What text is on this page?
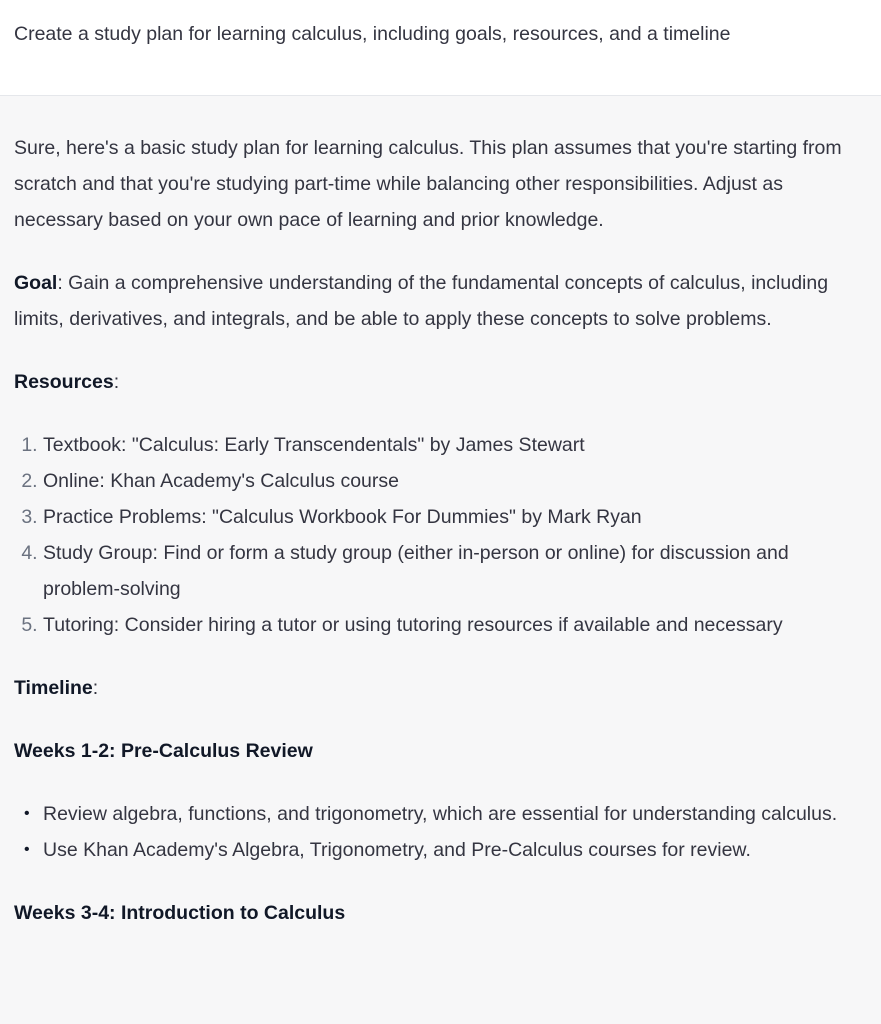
Create a study plan for learning calculus, including goals, resources, and a timeline

Sure, here's a basic study plan for learning calculus. This plan assumes that you're starting from scratch and that you're studying part-time while balancing other responsibilities. Adjust as necessary based on your own pace of learning and prior knowledge.

Goal: Gain a comprehensive understanding of the fundamental concepts of calculus, including limits, derivatives, and integrals, and be able to apply these concepts to solve problems.

Resources:

1. Textbook: "Calculus: Early Transcendentals" by James Stewart
2. Online: Khan Academy's Calculus course
3. Practice Problems: "Calculus Workbook For Dummies" by Mark Ryan
4. Study Group: Find or form a study group (either in-person or online) for discussion and problem-solving
5. Tutoring: Consider hiring a tutor or using tutoring resources if available and necessary

Timeline:

Weeks 1-2: Pre-Calculus Review
• Review algebra, functions, and trigonometry, which are essential for understanding calculus.
• Use Khan Academy's Algebra, Trigonometry, and Pre-Calculus courses for review.
Weeks 3-4: Introduction to Calculus
